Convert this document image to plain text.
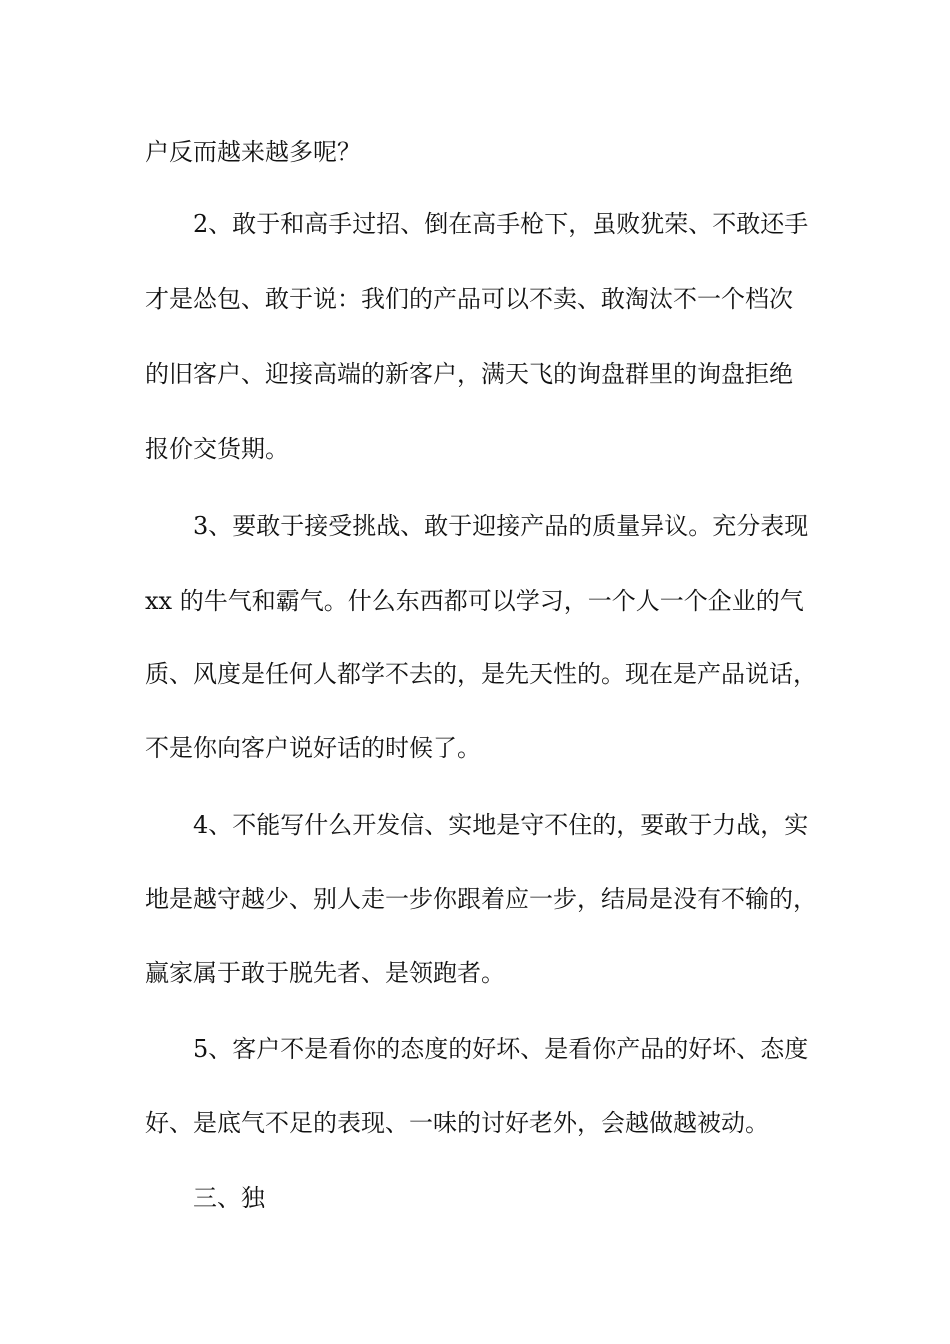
户反而越来越多呢？
2、敢于和高手过招、倒在高手枪下，虽败犹荣、不敢还手
才是怂包、敢于说：我们的产品可以不卖、敢淘汰不一个档次
的旧客户、迎接高端的新客户，满天飞的询盘群里的询盘拒绝
报价交货期。
3、要敢于接受挑战、敢于迎接产品的质量异议。充分表现
xx 的牛气和霸气。什么东西都可以学习，一个人一个企业的气
质、风度是任何人都学不去的，是先天性的。现在是产品说话，
不是你向客户说好话的时候了。
4、不能写什么开发信、实地是守不住的，要敢于力战，实
地是越守越少、别人走一步你跟着应一步，结局是没有不输的，
赢家属于敢于脱先者、是领跑者。
5、客户不是看你的态度的好坏、是看你产品的好坏、态度
好、是底气不足的表现、一味的讨好老外，会越做越被动。
三、独
